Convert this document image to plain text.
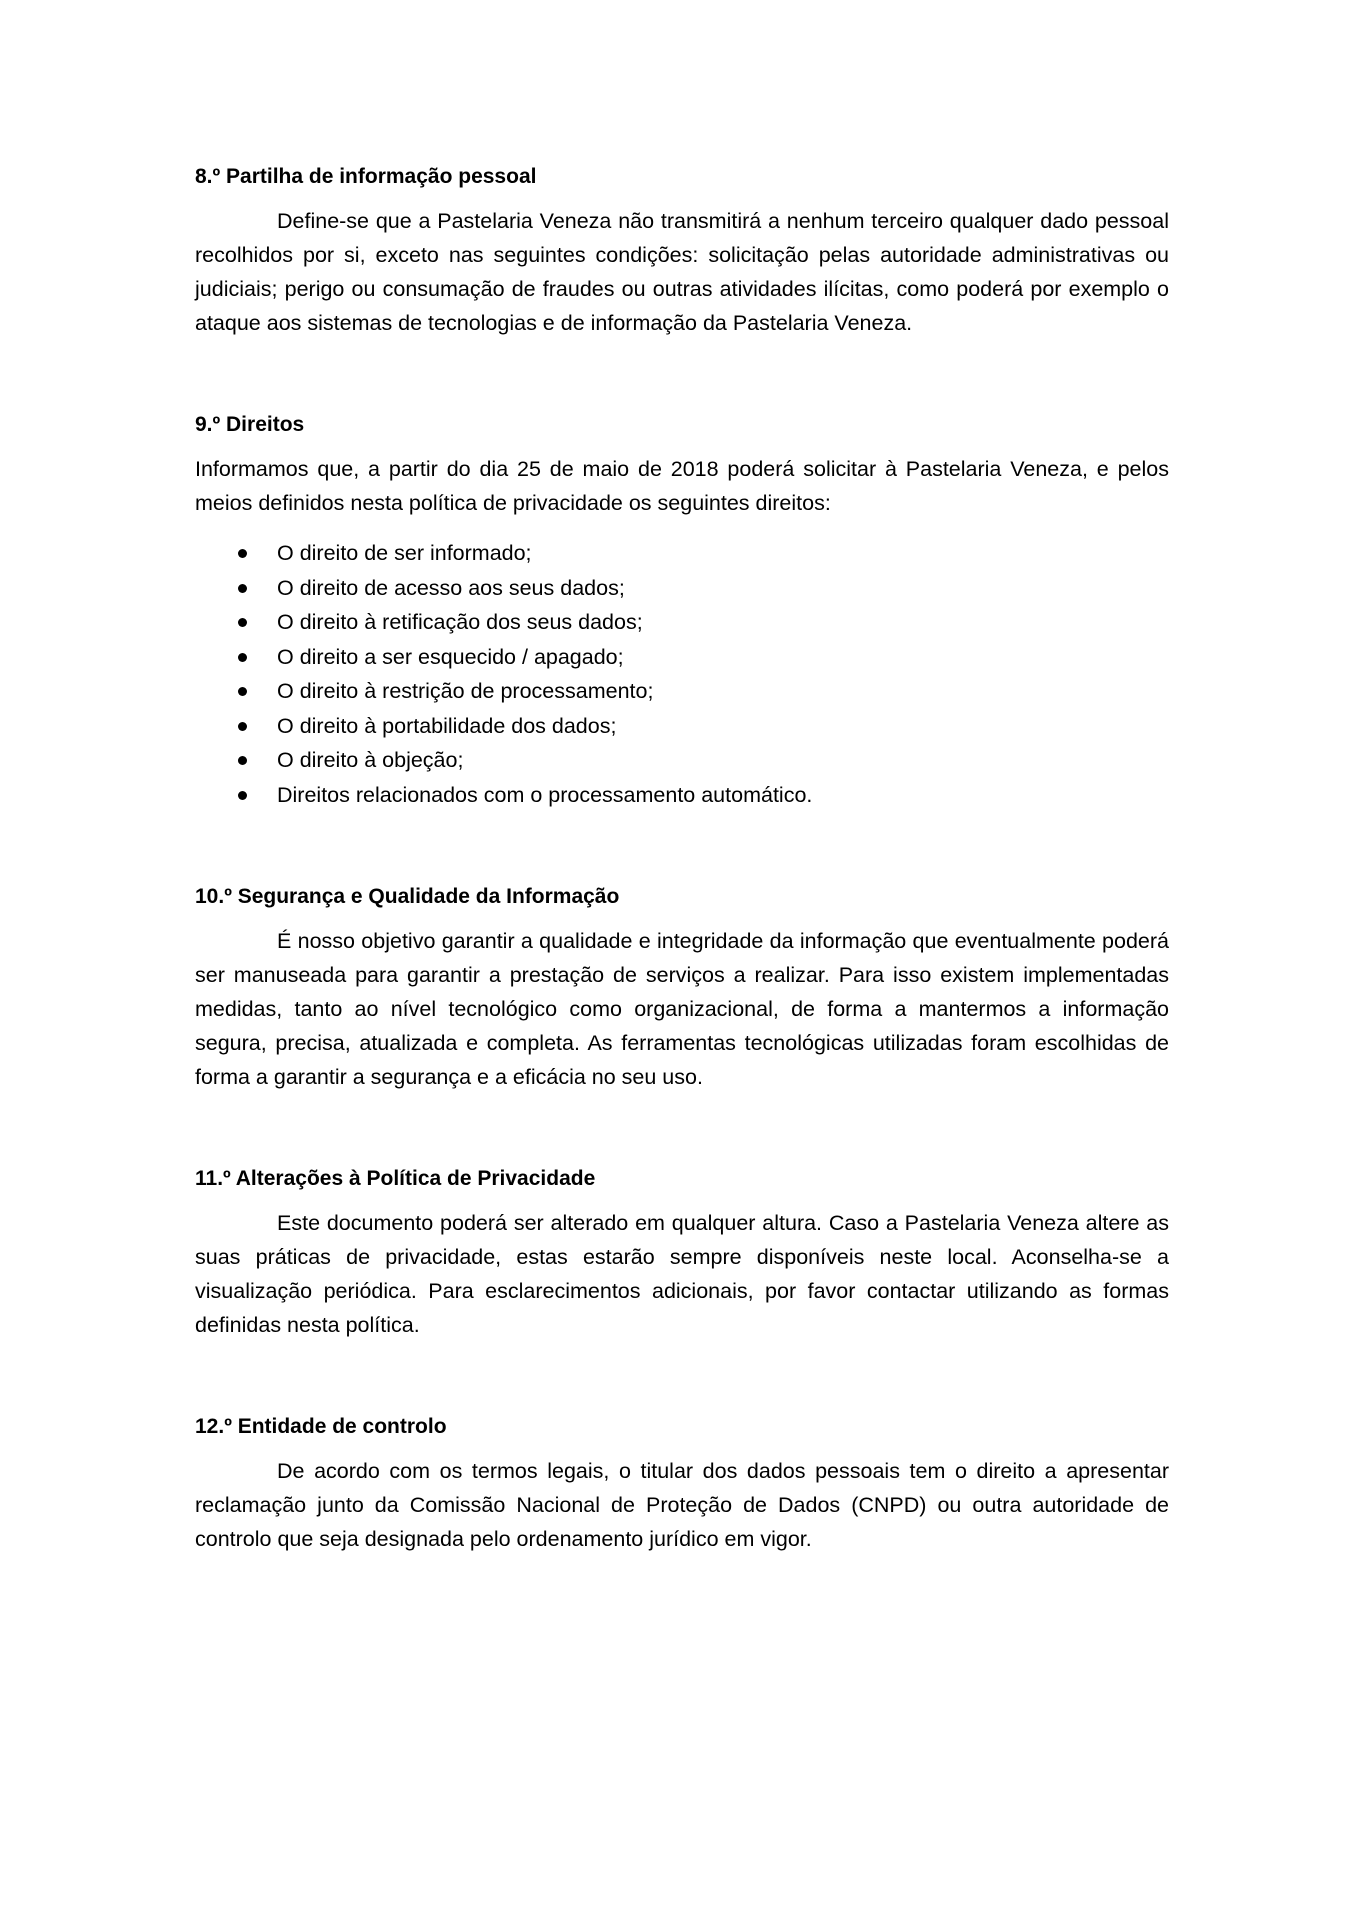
8.º Partilha de informação pessoal

Define-se que a Pastelaria Veneza não transmitirá a nenhum terceiro qualquer dado pessoal recolhidos por si, exceto nas seguintes condições: solicitação pelas autoridade administrativas ou judiciais; perigo ou consumação de fraudes ou outras atividades ilícitas, como poderá por exemplo o ataque aos sistemas de tecnologias e de informação da Pastelaria Veneza.

9.º Direitos

Informamos que, a partir do dia 25 de maio de 2018 poderá solicitar à Pastelaria Veneza, e pelos meios definidos nesta política de privacidade os seguintes direitos:

O direito de ser informado;
O direito de acesso aos seus dados;
O direito à retificação dos seus dados;
O direito a ser esquecido / apagado;
O direito à restrição de processamento;
O direito à portabilidade dos dados;
O direito à objeção;
Direitos relacionados com o processamento automático.
10.º Segurança e Qualidade da Informação

É nosso objetivo garantir a qualidade e integridade da informação que eventualmente poderá ser manuseada para garantir a prestação de serviços a realizar. Para isso existem implementadas medidas, tanto ao nível tecnológico como organizacional, de forma a mantermos a informação segura, precisa, atualizada e completa. As ferramentas tecnológicas utilizadas foram escolhidas de forma a garantir a segurança e a eficácia no seu uso.

11.º Alterações à Política de Privacidade

Este documento poderá ser alterado em qualquer altura. Caso a Pastelaria Veneza altere as suas práticas de privacidade, estas estarão sempre disponíveis neste local. Aconselha-se a visualização periódica. Para esclarecimentos adicionais, por favor contactar utilizando as formas definidas nesta política.

12.º Entidade de controlo

De acordo com os termos legais, o titular dos dados pessoais tem o direito a apresentar reclamação junto da Comissão Nacional de Proteção de Dados (CNPD) ou outra autoridade de controlo que seja designada pelo ordenamento jurídico em vigor.
